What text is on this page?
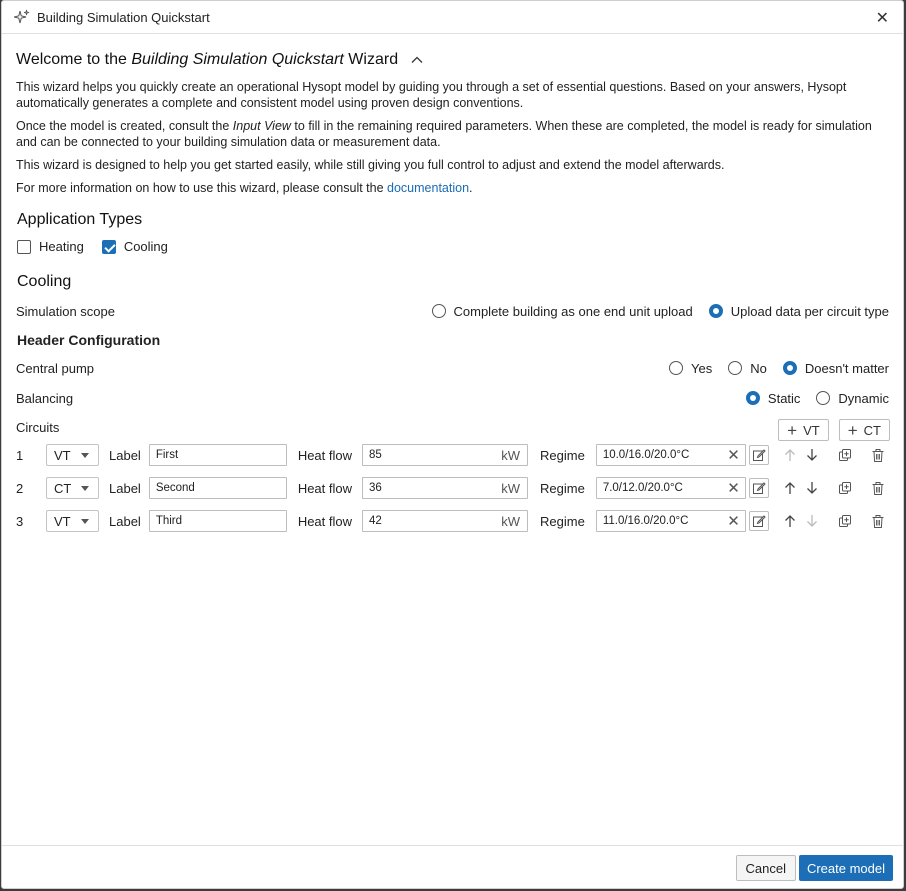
Building Simulation Quickstart	✕
Welcome to the Building Simulation Quickstart Wizard

This wizard helps you quickly create an operational Hysopt model by guiding you through a set of essential questions. Based on your answers, Hysopt automatically generates a complete and consistent model using proven design conventions.

Once the model is created, consult the Input View to fill in the remaining required parameters. When these are completed, the model is ready for simulation and can be connected to your building simulation data or measurement data.

This wizard is designed to help you get started easily, while still giving you full control to adjust and extend the model afterwards.

For more information on how to use this wizard, please consult the documentation.

Application Types
Heating	Cooling
Cooling
Simulation scope	Complete building as one end unit upload	Upload data per circuit type
Header Configuration
Central pump	Yes	No	Doesn't matter
Balancing	Static	Dynamic
Circuits	+ VT + CT
1	VT	Label First	Heat flow 85	kW Regime 10.0/16.0/20.0°C	✕
2	CT	Label Second	Heat flow 36	kW Regime 7.0/12.0/20.0°C	✕
3	VT	Label Third	Heat flow 42	kW Regime 11.0/16.0/20.0°C	✕
Cancel	Create model
